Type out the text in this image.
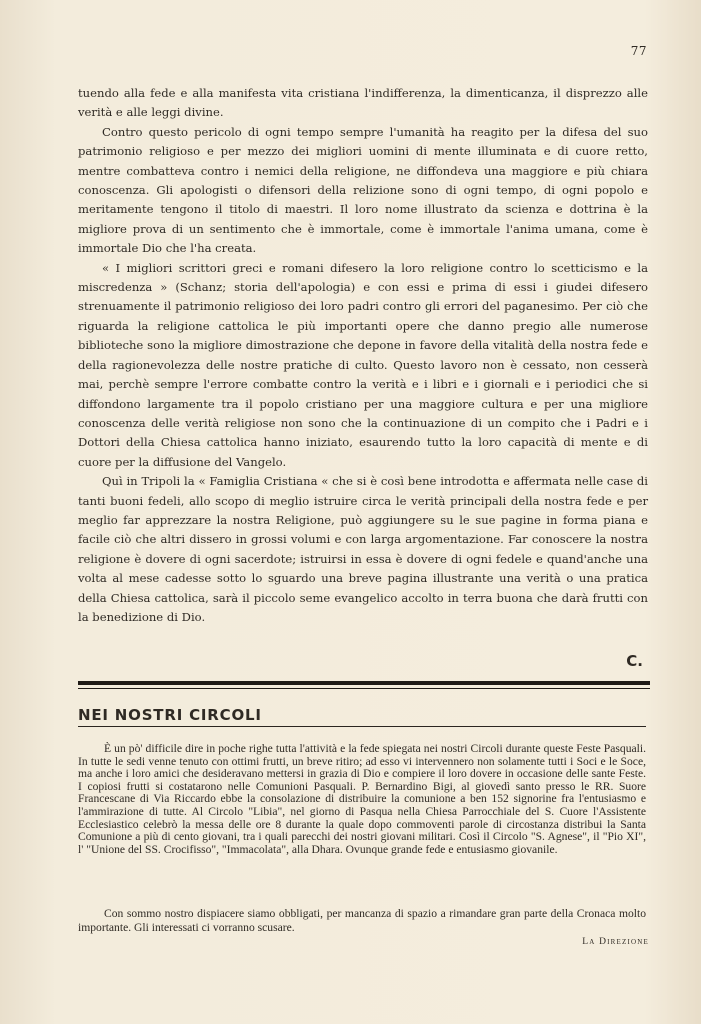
77

tuendo alla fede e alla manifesta vita cristiana l'indifferenza, la dimenticanza, il disprezzo alle verità e alle leggi divine.

Contro questo pericolo di ogni tempo sempre l'umanità ha reagito per la difesa del suo patrimonio religioso e per mezzo dei migliori uomini di mente illuminata e di cuore retto, mentre combatteva contro i nemici della religione, ne diffondeva una maggiore e più chiara conoscenza. Gli apologisti o difensori della relizione sono di ogni tempo, di ogni popolo e meritamente tengono il titolo di maestri. Il loro nome illustrato da scienza e dottrina è la migliore prova di un sentimento che è immortale, come è immortale l'anima umana, come è immortale Dio che l'ha creata.

« I migliori scrittori greci e romani difesero la loro religione contro lo scetticismo e la miscredenza » (Schanz; storia dell'apologia) e con essi e prima di essi i giudei difesero strenuamente il patrimonio religioso dei loro padri contro gli errori del paganesimo. Per ciò che riguarda la religione cattolica le più importanti opere che danno pregio alle numerose biblioteche sono la migliore dimostrazione che depone in favore della vitalità della nostra fede e della ragionevolezza delle nostre pratiche di culto. Questo lavoro non è cessato, non cesserà mai, perchè sempre l'errore combatte contro la verità e i libri e i giornali e i periodici che si diffondono largamente tra il popolo cristiano per una maggiore cultura e per una migliore conoscenza delle verità religiose non sono che la continuazione di un compito che i Padri e i Dottori della Chiesa cattolica hanno iniziato, esaurendo tutto la loro capacità di mente e di cuore per la diffusione del Vangelo.

Quì in Tripoli la « Famiglia Cristiana « che si è così bene introdotta e affermata nelle case di tanti buoni fedeli, allo scopo di meglio istruire circa le verità principali della nostra fede e per meglio far apprezzare la nostra Religione, può aggiungere su le sue pagine in forma piana e facile ciò che altri dissero in grossi volumi e con larga argomentazione. Far conoscere la nostra religione è dovere di ogni sacerdote; istruirsi in essa è dovere di ogni fedele e quand'anche una volta al mese cadesse sotto lo sguardo una breve pagina illustrante una verità o una pratica della Chiesa cattolica, sarà il piccolo seme evangelico accolto in terra buona che darà frutti con la benedizione di Dio.

C.
NEI NOSTRI CIRCOLI

È un pò' difficile dire in poche righe tutta l'attività e la fede spiegata nei nostri Circoli durante queste Feste Pasquali. In tutte le sedi venne tenuto con ottimi frutti, un breve ritiro; ad esso vi intervennero non solamente tutti i Soci e le Soce, ma anche i loro amici che desideravano mettersi in grazia di Dio e compiere il loro dovere in occasione delle sante Feste. I copiosi frutti si costatarono nelle Comunioni Pasquali. P. Bernardino Bigi, al giovedì santo presso le RR. Suore Francescane di Via Riccardo ebbe la consolazione di distribuire la comunione a ben 152 signorine fra l'entusiasmo e l'ammirazione di tutte. Al Circolo "Libia", nel giorno di Pasqua nella Chiesa Parrocchiale del S. Cuore l'Assistente Ecclesiastico celebrò la messa delle ore 8 durante la quale dopo commoventi parole di circostanza distribui la Santa Comunione a più di cento giovani, tra i quali parecchi dei nostri giovani militari. Così il Circolo "S. Agnese", il "Pio XI", l' "Unione del SS. Crocifisso", "Immacolata", alla Dhara. Ovunque grande fede e entusiasmo giovanile.

Con sommo nostro dispiacere siamo obbligati, per mancanza di spazio a rimandare gran parte della Cronaca molto importante. Gli interessati ci vorranno scusare.

La Direzione
